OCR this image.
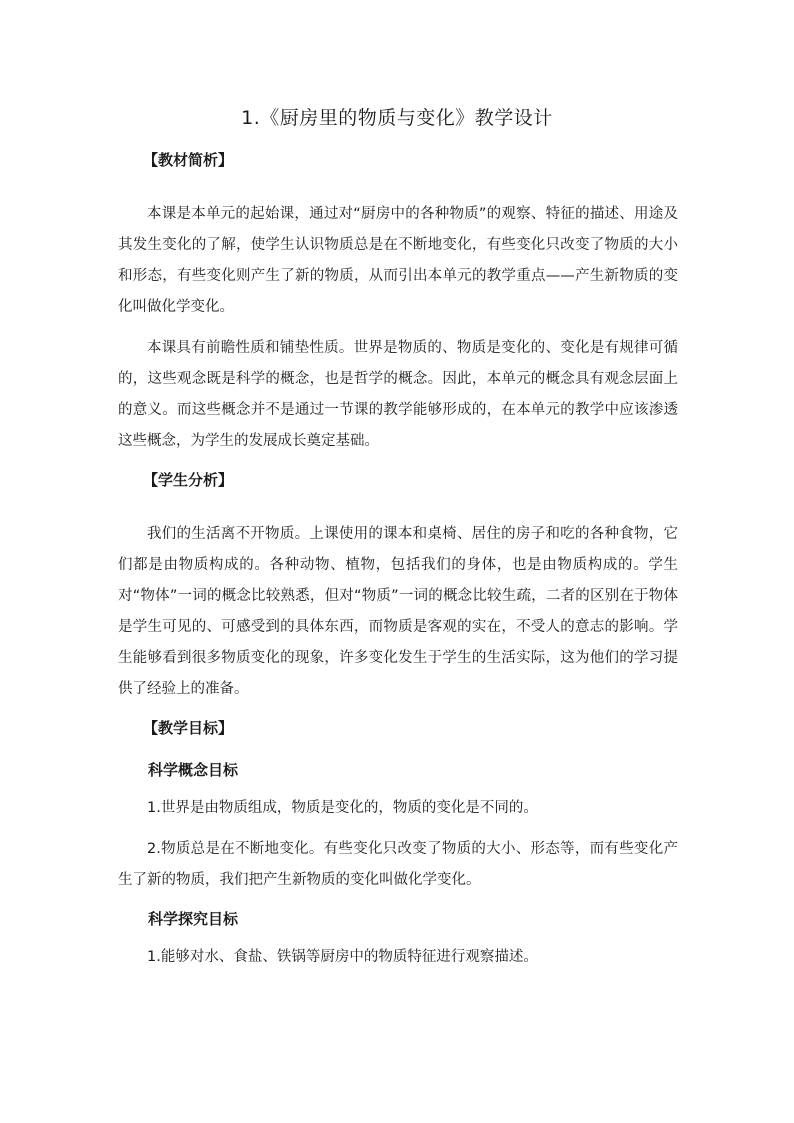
1.《厨房里的物质与变化》教学设计

【教材简析】

本课是本单元的起始课，通过对“厨房中的各种物质”的观察、特征的描述、用途及其发生变化的了解，使学生认识物质总是在不断地变化，有些变化只改变了物质的大小和形态，有些变化则产生了新的物质，从而引出本单元的教学重点——产生新物质的变化叫做化学变化。

本课具有前瞻性质和铺垫性质。世界是物质的、物质是变化的、变化是有规律可循的，这些观念既是科学的概念，也是哲学的概念。因此，本单元的概念具有观念层面上的意义。而这些概念并不是通过一节课的教学能够形成的，在本单元的教学中应该渗透这些概念，为学生的发展成长奠定基础。

【学生分析】

我们的生活离不开物质。上课使用的课本和桌椅、居住的房子和吃的各种食物，它们都是由物质构成的。各种动物、植物，包括我们的身体，也是由物质构成的。学生对“物体”一词的概念比较熟悉，但对“物质”一词的概念比较生疏，二者的区别在于物体是学生可见的、可感受到的具体东西，而物质是客观的实在，不受人的意志的影响。学生能够看到很多物质变化的现象，许多变化发生于学生的生活实际，这为他们的学习提供了经验上的准备。

【教学目标】

科学概念目标

1.世界是由物质组成，物质是变化的，物质的变化是不同的。

2.物质总是在不断地变化。有些变化只改变了物质的大小、形态等，而有些变化产生了新的物质，我们把产生新物质的变化叫做化学变化。

科学探究目标

1.能够对水、食盐、铁锅等厨房中的物质特征进行观察描述。
